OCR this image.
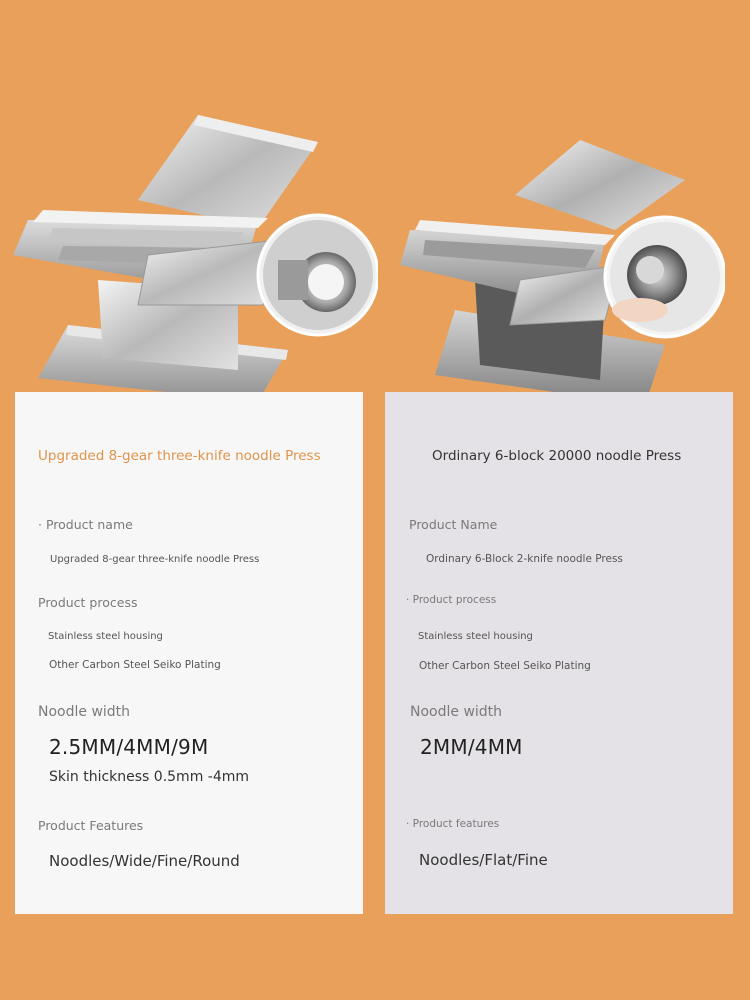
Upgraded 8-gear three-knife noodle Press
· Product name
Upgraded 8-gear three-knife noodle Press
Product process
Stainless steel housing
Other Carbon Steel Seiko Plating
Noodle width
2.5MM/4MM/9M
Skin thickness 0.5mm -4mm
Product Features
Noodles/Wide/Fine/Round
Ordinary 6-block 20000 noodle Press
Product Name
Ordinary 6-Block 2-knife noodle Press
· Product process
Stainless steel housing
Other Carbon Steel Seiko Plating
Noodle width
2MM/4MM
· Product features
Noodles/Flat/Fine
